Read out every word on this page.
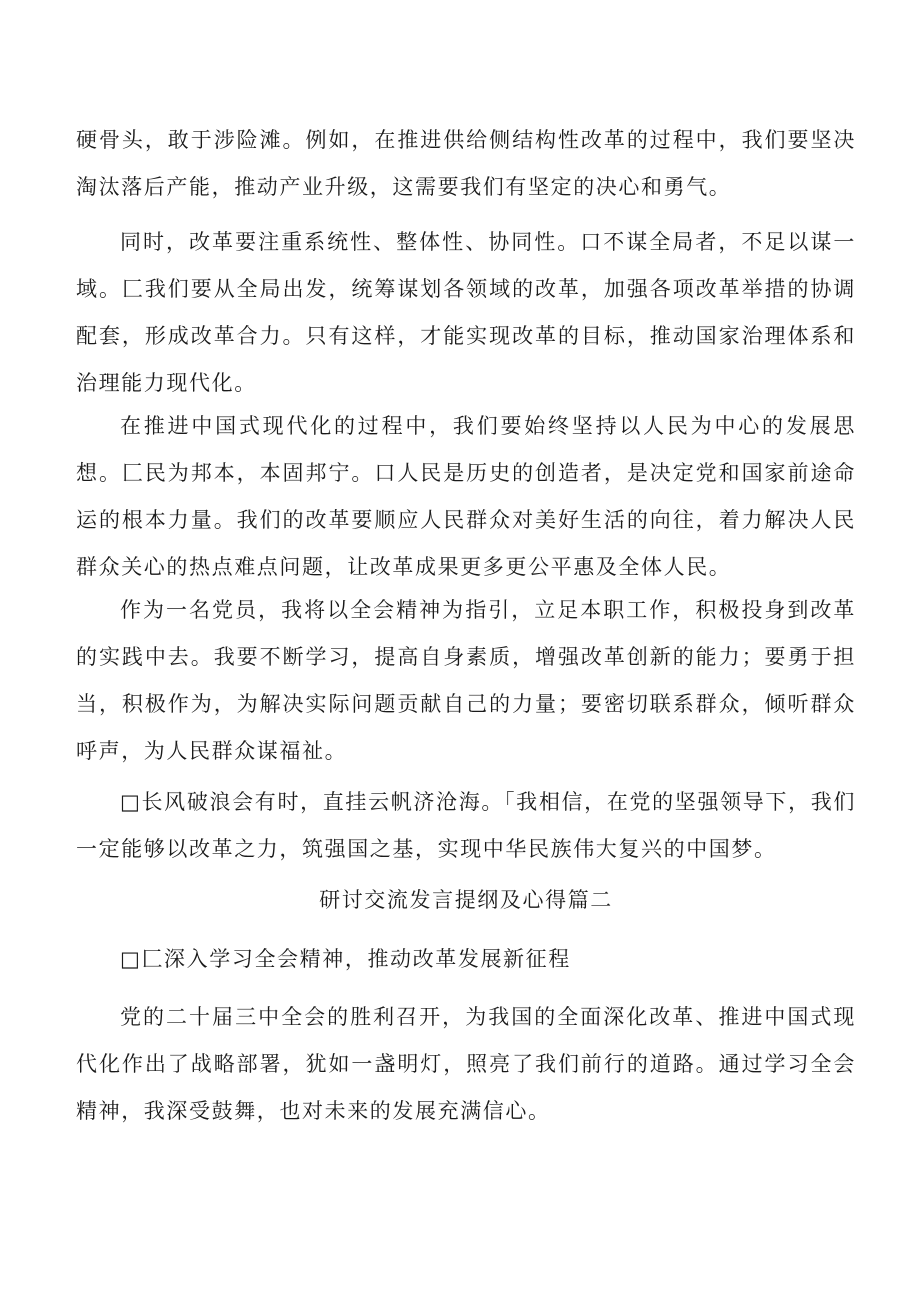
硬骨头，敢于涉险滩。例如，在推进供给侧结构性改革的过程中，我们要坚决淘汰落后产能，推动产业升级，这需要我们有坚定的决心和勇气。

同时，改革要注重系统性、整体性、协同性。口不谋全局者，不足以谋一域。匚我们要从全局出发，统筹谋划各领域的改革，加强各项改革举措的协调配套，形成改革合力。只有这样，才能实现改革的目标，推动国家治理体系和治理能力现代化。

在推进中国式现代化的过程中，我们要始终坚持以人民为中心的发展思想。匚民为邦本，本固邦宁。口人民是历史的创造者，是决定党和国家前途命运的根本力量。我们的改革要顺应人民群众对美好生活的向往，着力解决人民群众关心的热点难点问题，让改革成果更多更公平惠及全体人民。

作为一名党员，我将以全会精神为指引，立足本职工作，积极投身到改革的实践中去。我要不断学习，提高自身素质，增强改革创新的能力；要勇于担当，积极作为，为解决实际问题贡献自己的力量；要密切联系群众，倾听群众呼声，为人民群众谋福祉。

□长风破浪会有时，直挂云帆济沧海。「我相信，在党的坚强领导下，我们一定能够以改革之力，筑强国之基，实现中华民族伟大复兴的中国梦。

研讨交流发言提纲及心得篇二

□匚深入学习全会精神，推动改革发展新征程

党的二十届三中全会的胜利召开，为我国的全面深化改革、推进中国式现代化作出了战略部署，犹如一盏明灯，照亮了我们前行的道路。通过学习全会精神，我深受鼓舞，也对未来的发展充满信心。
